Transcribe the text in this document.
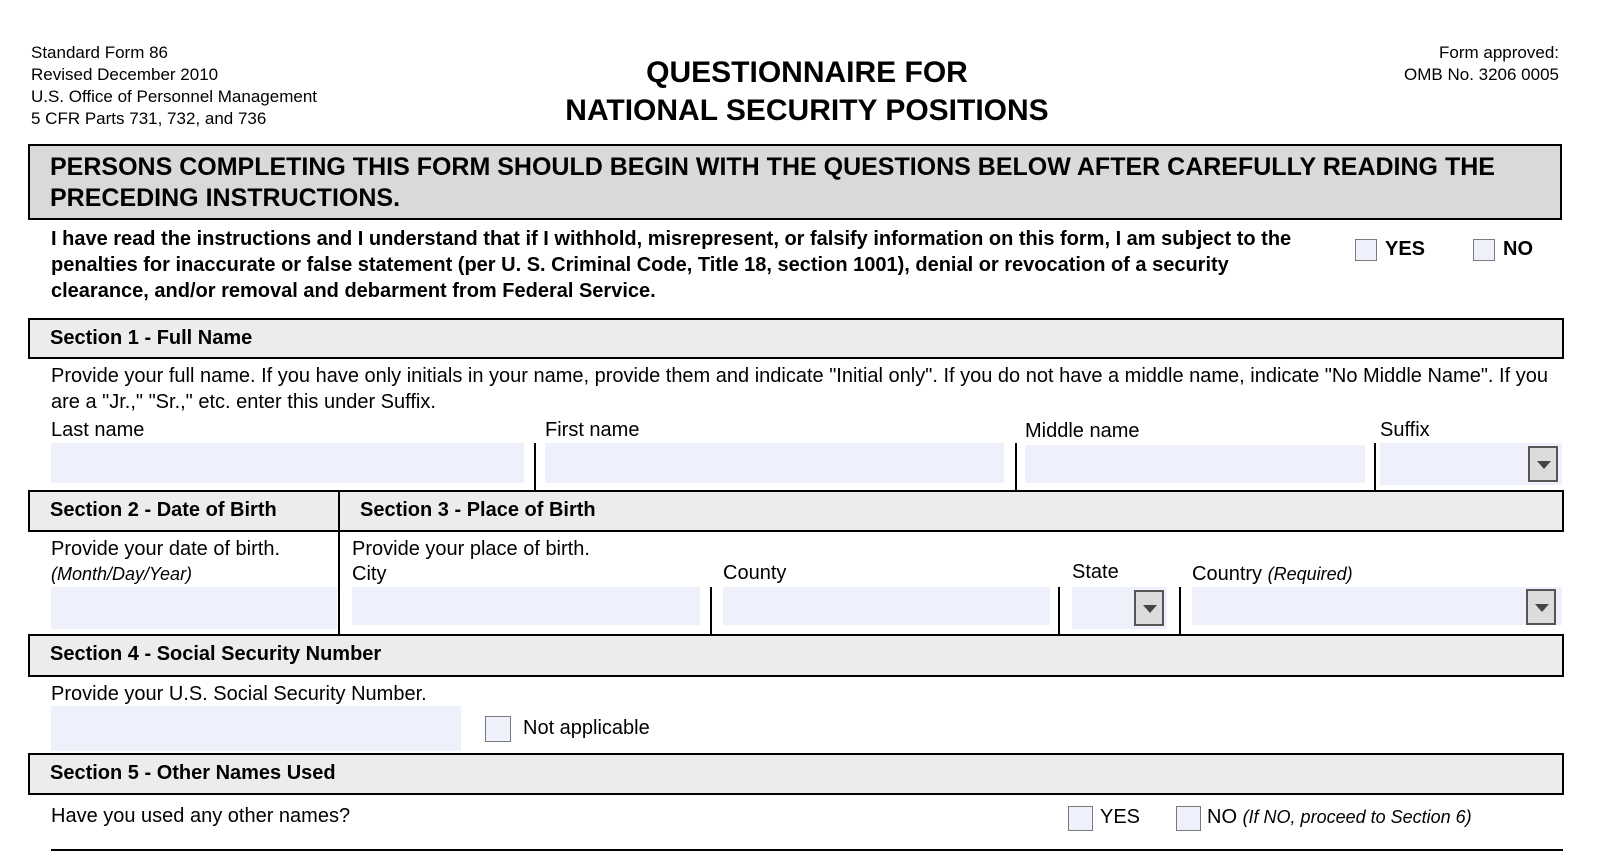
Standard Form 86
Revised December 2010
U.S. Office of Personnel Management
5 CFR Parts 731, 732, and 736
QUESTIONNAIRE FOR
NATIONAL SECURITY POSITIONS
Form approved:
OMB No. 3206 0005
PERSONS COMPLETING THIS FORM SHOULD BEGIN WITH THE QUESTIONS BELOW AFTER CAREFULLY READING THE PRECEDING INSTRUCTIONS.
I have read the instructions and I understand that if I withhold, misrepresent, or falsify information on this form, I am subject to the penalties for inaccurate or false statement (per U. S. Criminal Code, Title 18, section 1001), denial or revocation of a security clearance, and/or removal and debarment from Federal Service.
YES	NO
Section 1 - Full Name
Provide your full name. If you have only initials in your name, provide them and indicate "Initial only". If you do not have a middle name, indicate "No Middle Name". If you are a "Jr.," "Sr.," etc. enter this under Suffix.
Last name	First name	Middle name	Suffix
Section 2 - Date of Birth	Section 3 - Place of Birth
Provide your date of birth.
(Month/Day/Year)
Provide your place of birth.
City	County	State	Country (Required)
Section 4 - Social Security Number
Provide your U.S. Social Security Number.
Not applicable
Section 5 - Other Names Used
Have you used any other names?	YES	NO (If NO, proceed to Section 6)
